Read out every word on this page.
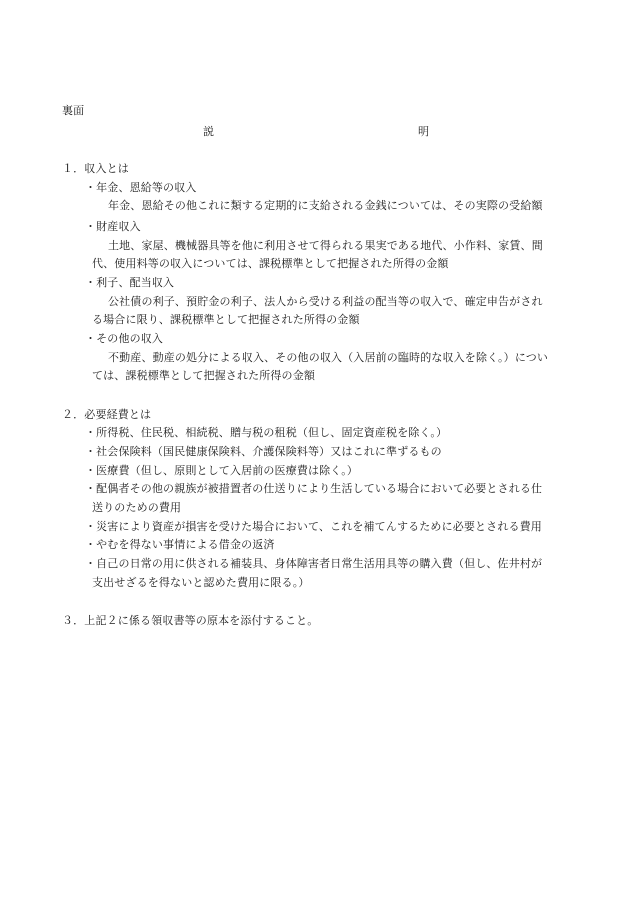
裏面
説	明
１．収入とは
・年金、恩給等の収入
年金、恩給その他これに類する定期的に支給される金銭については、その実際の受給額
・財産収入
土地、家屋、機械器具等を他に利用させて得られる果実である地代、小作料、家賃、間
代、使用料等の収入については、課税標準として把握された所得の金額
・利子、配当収入
公社債の利子、預貯金の利子、法人から受ける利益の配当等の収入で、確定申告がされ
る場合に限り、課税標準として把握された所得の金額
・その他の収入
不動産、動産の処分による収入、その他の収入（入居前の臨時的な収入を除く。）につい
ては、課税標準として把握された所得の金額
２．必要経費とは
・所得税、住民税、相続税、贈与税の租税（但し、固定資産税を除く。）
・社会保険料（国民健康保険料、介護保険料等）又はこれに準ずるもの
・医療費（但し、原則として入居前の医療費は除く。）
・配偶者その他の親族が被措置者の仕送りにより生活している場合において必要とされる仕
送りのための費用
・災害により資産が損害を受けた場合において、これを補てんするために必要とされる費用
・やむを得ない事情による借金の返済
・自己の日常の用に供される補装具、身体障害者日常生活用具等の購入費（但し、佐井村が
支出せざるを得ないと認めた費用に限る。）
３．上記２に係る領収書等の原本を添付すること。
